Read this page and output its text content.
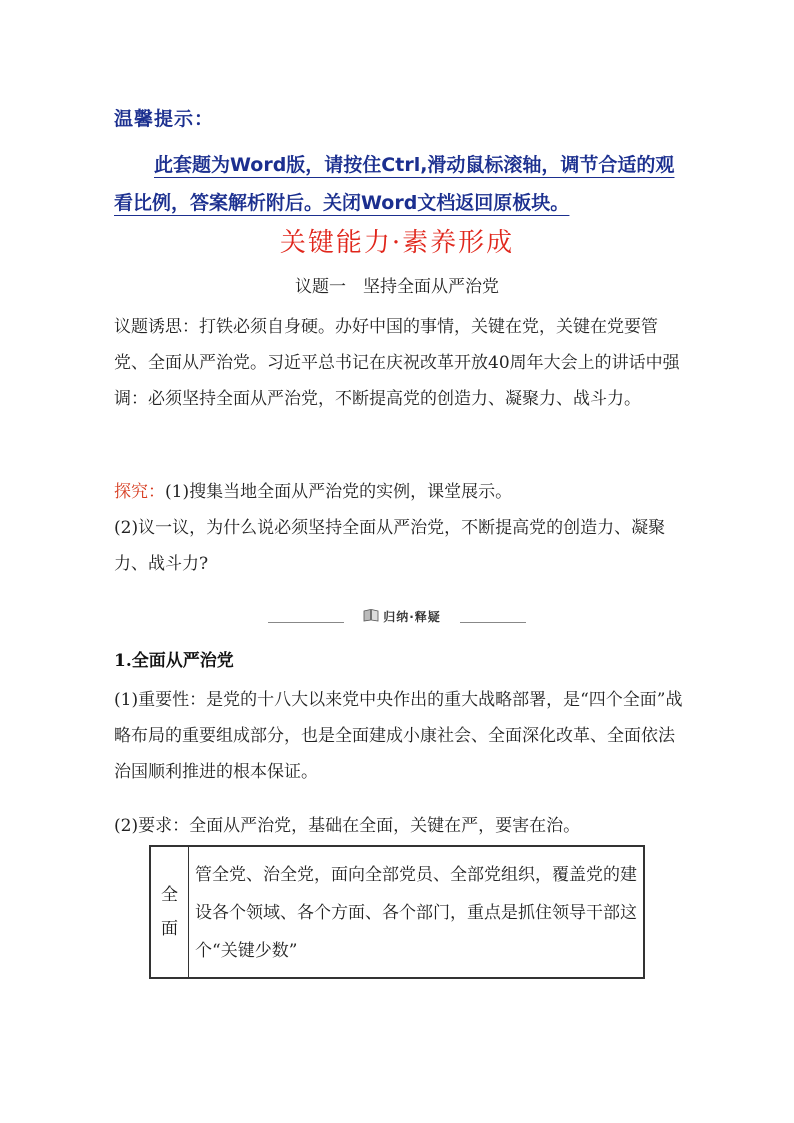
温馨提示：
此套题为Word版，请按住Ctrl,滑动鼠标滚轴，调节合适的观看比例，答案解析附后。关闭Word文档返回原板块。
关键能力·素养形成
议题一　坚持全面从严治党
议题诱思：打铁必须自身硬。办好中国的事情，关键在党，关键在党要管党、全面从严治党。习近平总书记在庆祝改革开放40周年大会上的讲话中强调：必须坚持全面从严治党，不断提高党的创造力、凝聚力、战斗力。
探究：(1)搜集当地全面从严治党的实例，课堂展示。
(2)议一议，为什么说必须坚持全面从严治党，不断提高党的创造力、凝聚力、战斗力?
归纳·释疑
1.全面从严治党
(1)重要性：是党的十八大以来党中央作出的重大战略部署，是“四个全面”战略布局的重要组成部分，也是全面建成小康社会、全面深化改革、全面依法治国顺利推进的根本保证。
(2)要求：全面从严治党，基础在全面，关键在严，要害在治。
全
面
管全党、治全党，面向全部党员、全部党组织，覆盖党的建设各个领域、各个方面、各个部门，重点是抓住领导干部这个“关键少数”
